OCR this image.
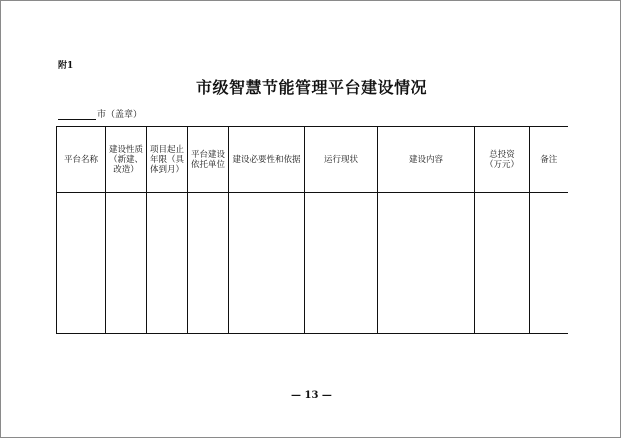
附1
市级智慧节能管理平台建设情况
市（盖章）
平台名称	建设性质（新建、改造）	项目起止年限（具体到月）	平台建设依托单位	建设必要性和依据	运行现状	建设内容	总投资（万元）	备注

— 13 —
